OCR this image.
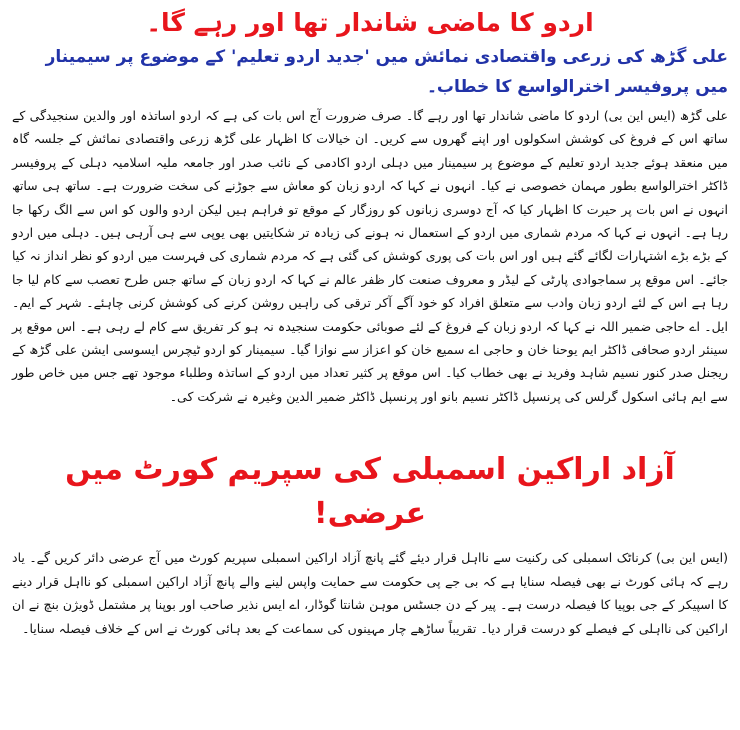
اردو کا ماضی شاندار تھا اور رہے گا۔
علی گڑھ کی زرعی واقتصادی نمائش میں 'جدید اردو تعلیم' کے موضوع پر سیمینار میں پروفیسر اخترالواسع کا خطاب۔

علی گڑھ (ایس این بی) اردو کا ماضی شاندار تھا اور رہے گا۔ صرف ضرورت آج اس بات کی ہے کہ اردو اساتذہ اور والدین سنجیدگی کے ساتھ اس کے فروغ کی کوشش اسکولوں اور اپنے گھروں سے کریں۔ ان خیالات کا اظہار علی گڑھ زرعی واقتصادی نمائش کے جلسہ گاہ میں منعقد ہوئے جدید اردو تعلیم کے موضوع پر سیمینار میں دہلی اردو اکادمی کے نائب صدر اور جامعہ ملیہ اسلامیہ دہلی کے پروفیسر ڈاکٹر اخترالواسع بطور مہمان خصوصی نے کیا۔ انہوں نے کہا کہ اردو زبان کو معاش سے جوڑنے کی سخت ضرورت ہے۔ ساتھ ہی ساتھ انہوں نے اس بات پر حیرت کا اظہار کیا کہ آج دوسری زبانوں کو روزگار کے موقع تو فراہم ہیں لیکن اردو والوں کو اس سے الگ رکھا جا رہا ہے۔ انہوں نے کہا کہ مردم شماری میں اردو کے استعمال نہ ہونے کی زیادہ تر شکایتیں بھی یوپی سے ہی آرہی ہیں۔ دہلی میں اردو کے بڑے بڑے اشتہارات لگائے گئے ہیں اور اس بات کی پوری کوشش کی گئی ہے کہ مردم شماری کی فہرست میں اردو کو نظر انداز نہ کیا جائے۔ اس موقع پر سماجوادی پارٹی کے لیڈر و معروف صنعت کار ظفر عالم نے کہا کہ اردو زبان کے ساتھ جس طرح تعصب سے کام لیا جا رہا ہے اس کے لئے اردو زبان وادب سے متعلق افراد کو خود آگے آکر ترقی کی راہیں روشن کرنے کی کوشش کرنی چاہئے۔ شہر کے ایم۔ ایل۔ اے حاجی ضمیر اللہ نے کہا کہ اردو زبان کے فروغ کے لئے صوبائی حکومت سنجیدہ نہ ہو کر تفریق سے کام لے رہی ہے۔ اس موقع پر سینئر اردو صحافی ڈاکٹر ایم یوحنا خان و حاجی اے سمیع خان کو اعزاز سے نوازا گیا۔ سیمینار کو اردو ٹیچرس ایسوسی ایشن علی گڑھ کے ریجنل صدر کنور نسیم شاہد وفرید نے بھی خطاب کیا۔ اس موقع پر کثیر تعداد میں اردو کے اساتذہ وطلباء موجود تھے جس میں خاص طور سے ایم ہائی اسکول گرلس کی پرنسپل ڈاکٹر نسیم بانو اور پرنسپل ڈاکٹر ضمیر الدین وغیرہ نے شرکت کی۔

آزاد اراکین اسمبلی کی سپریم کورٹ میں عرضی!

(ایس این بی) کرناٹک اسمبلی کی رکنیت سے نااہل قرار دیئے گئے پانچ آزاد اراکین اسمبلی سپریم کورٹ میں آج عرضی دائر کریں گے۔ یاد رہے کہ ہائی کورٹ نے بھی فیصلہ سنایا ہے کہ بی جے پی حکومت سے حمایت واپس لینے والے پانچ آزاد اراکین اسمبلی کو نااہل قرار دینے کا اسپیکر کے جی بوپیا کا فیصلہ درست ہے۔ پیر کے دن جسٹس موہن شانتا گوڈار، اے ایس نذیر صاحب اور بوپنا پر مشتمل ڈویژن بنچ نے ان اراکین کی نااہلی کے فیصلے کو درست قرار دیا۔ تقریباً ساڑھے چار مہینوں کی سماعت کے بعد ہائی کورٹ نے اس کے خلاف فیصلہ سنایا۔
